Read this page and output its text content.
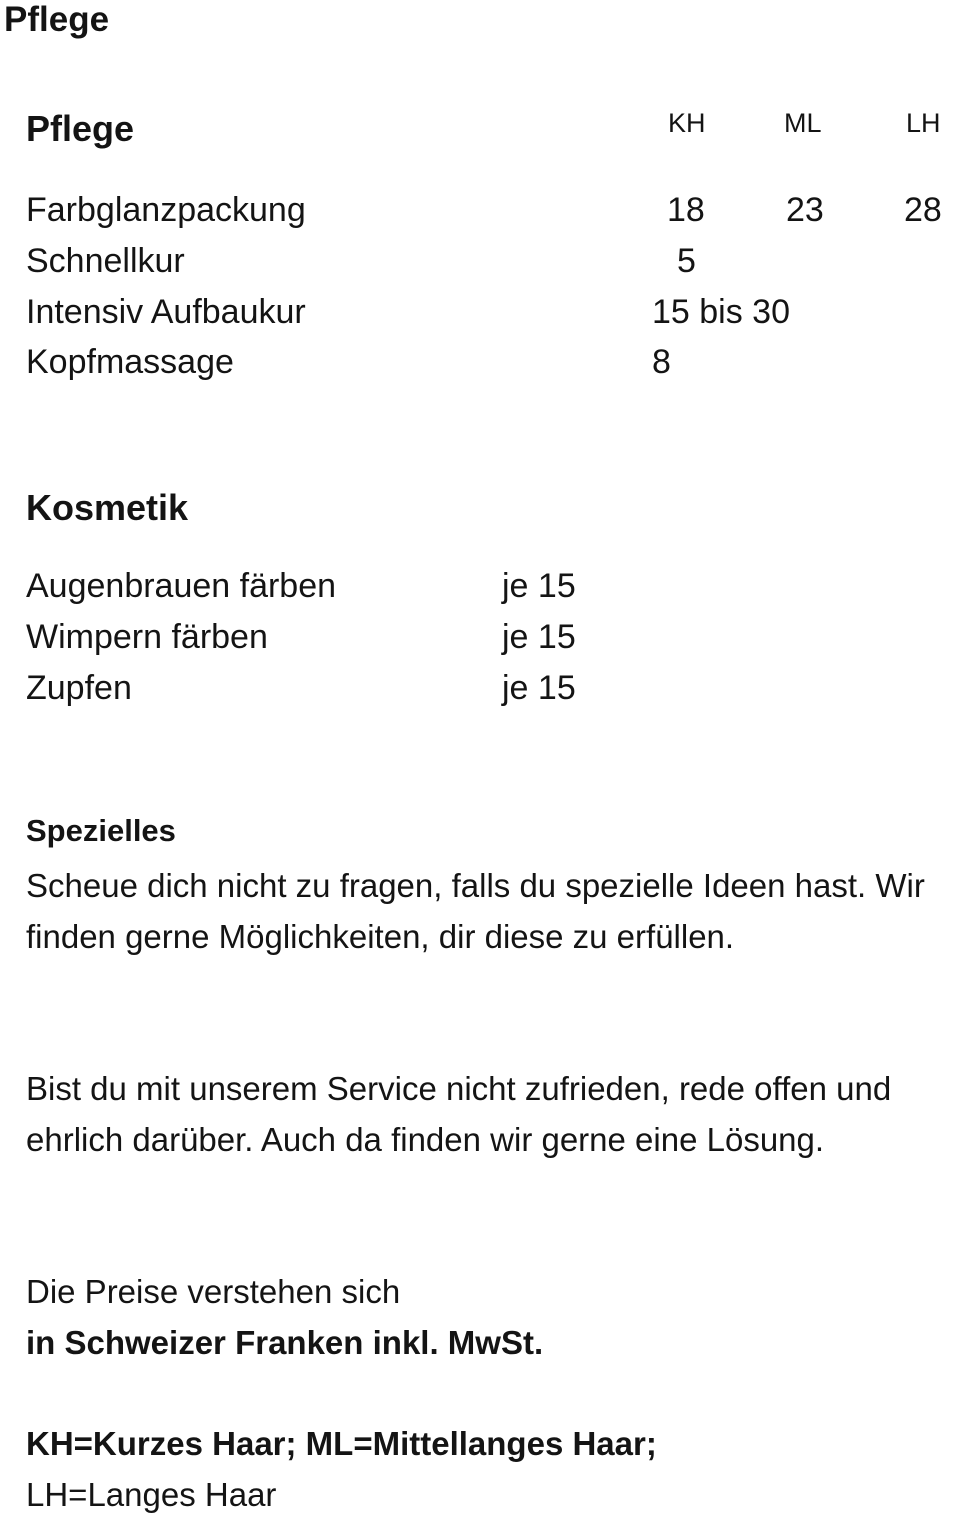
Pflege
Pflege	KH	ML	LH
Farbglanzpackung	18 23 28
Schnellkur	5
Intensiv Aufbaukur	15 bis 30
Kopfmassage	8
Kosmetik
Augenbrauen färben	je 15
Wimpern färben	je 15
Zupfen	je 15
Spezielles
Scheue dich nicht zu fragen, falls du spezielle Ideen hast. Wir finden gerne Möglichkeiten, dir diese zu erfüllen.
Bist du mit unserem Service nicht zufrieden, rede offen und ehrlich darüber. Auch da finden wir gerne eine Lösung.
Die Preise verstehen sich
in Schweizer Franken inkl. MwSt.
KH=Kurzes Haar; ML=Mittellanges Haar;
LH=Langes Haar
